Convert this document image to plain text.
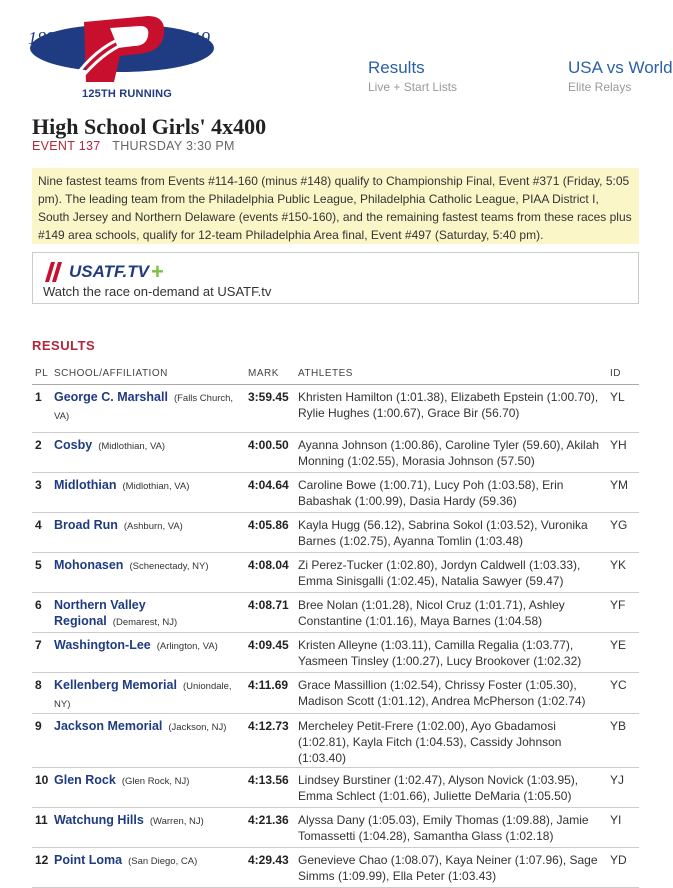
1895	2019
125TH RUNNING
Results
Live + Start Lists
USA vs World
Elite Relays
High School Girls' 4x400
EVENT 137 THURSDAY 3:30 PM
Nine fastest teams from Events #114-160 (minus #148) qualify to Championship Final, Event #371 (Friday, 5:05 pm). The leading team from the Philadelphia Public League, Philadelphia Catholic League, PIAA District I, South Jersey and Northern Delaware (events #150-160), and the remaining fastest teams from these races plus #149 area schools, qualify for 12-team Philadelphia Area final, Event #497 (Saturday, 5:40 pm).
USATF.TV +
Watch the race on-demand at USATF.tv
RESULTS
PL	SCHOOL/AFFILIATION	MARK	ATHLETES	ID
1	George C. Marshall (Falls Church, VA)	3:59.45	Khristen Hamilton (1:01.38), Elizabeth Epstein (1:00.70), Rylie Hughes (1:00.67), Grace Bir (56.70)	YL
2	Cosby (Midlothian, VA)	4:00.50	Ayanna Johnson (1:00.86), Caroline Tyler (59.60), Akilah Monning (1:02.55), Morasia Johnson (57.50)	YH
3	Midlothian (Midlothian, VA)	4:04.64	Caroline Bowe (1:00.71), Lucy Poh (1:03.58), Erin Babashak (1:00.99), Dasia Hardy (59.36)	YM
4	Broad Run (Ashburn, VA)	4:05.86	Kayla Hugg (56.12), Sabrina Sokol (1:03.52), Vuronika Barnes (1:02.75), Ayanna Tomlin (1:03.48)	YG
5	Mohonasen (Schenectady, NY)	4:08.04	Zi Perez-Tucker (1:02.80), Jordyn Caldwell (1:03.33), Emma Sinisgalli (1:02.45), Natalia Sawyer (59.47)	YK
6	Northern Valley Regional (Demarest, NJ)	4:08.71	Bree Nolan (1:01.28), Nicol Cruz (1:01.71), Ashley Constantine (1:01.16), Maya Barnes (1:04.58)	YF
7	Washington-Lee (Arlington, VA)	4:09.45	Kristen Alleyne (1:03.11), Camilla Regalia (1:03.77), Yasmeen Tinsley (1:00.27), Lucy Brookover (1:02.32)	YE
8	Kellenberg Memorial (Uniondale, NY)	4:11.69	Grace Massillion (1:02.54), Chrissy Foster (1:05.30), Madison Scott (1:01.12), Andrea McPherson (1:02.74)	YC
9	Jackson Memorial (Jackson, NJ)	4:12.73	Mercheley Petit-Frere (1:02.00), Ayo Gbadamosi (1:02.81), Kayla Fitch (1:04.53), Cassidy Johnson (1:03.40)	YB
10	Glen Rock (Glen Rock, NJ)	4:13.56	Lindsey Burstiner (1:02.47), Alyson Novick (1:03.95), Emma Schlect (1:01.66), Juliette DeMaria (1:05.50)	YJ
11	Watchung Hills (Warren, NJ)	4:21.36	Alyssa Dany (1:05.03), Emily Thomas (1:09.88), Jamie Tomassetti (1:04.28), Samantha Glass (1:02.18)	YI
12	Point Loma (San Diego, CA)	4:29.43	Genevieve Chao (1:08.07), Kaya Neiner (1:07.96), Sage Simms (1:09.99), Ella Peter (1:03.43)	YD
